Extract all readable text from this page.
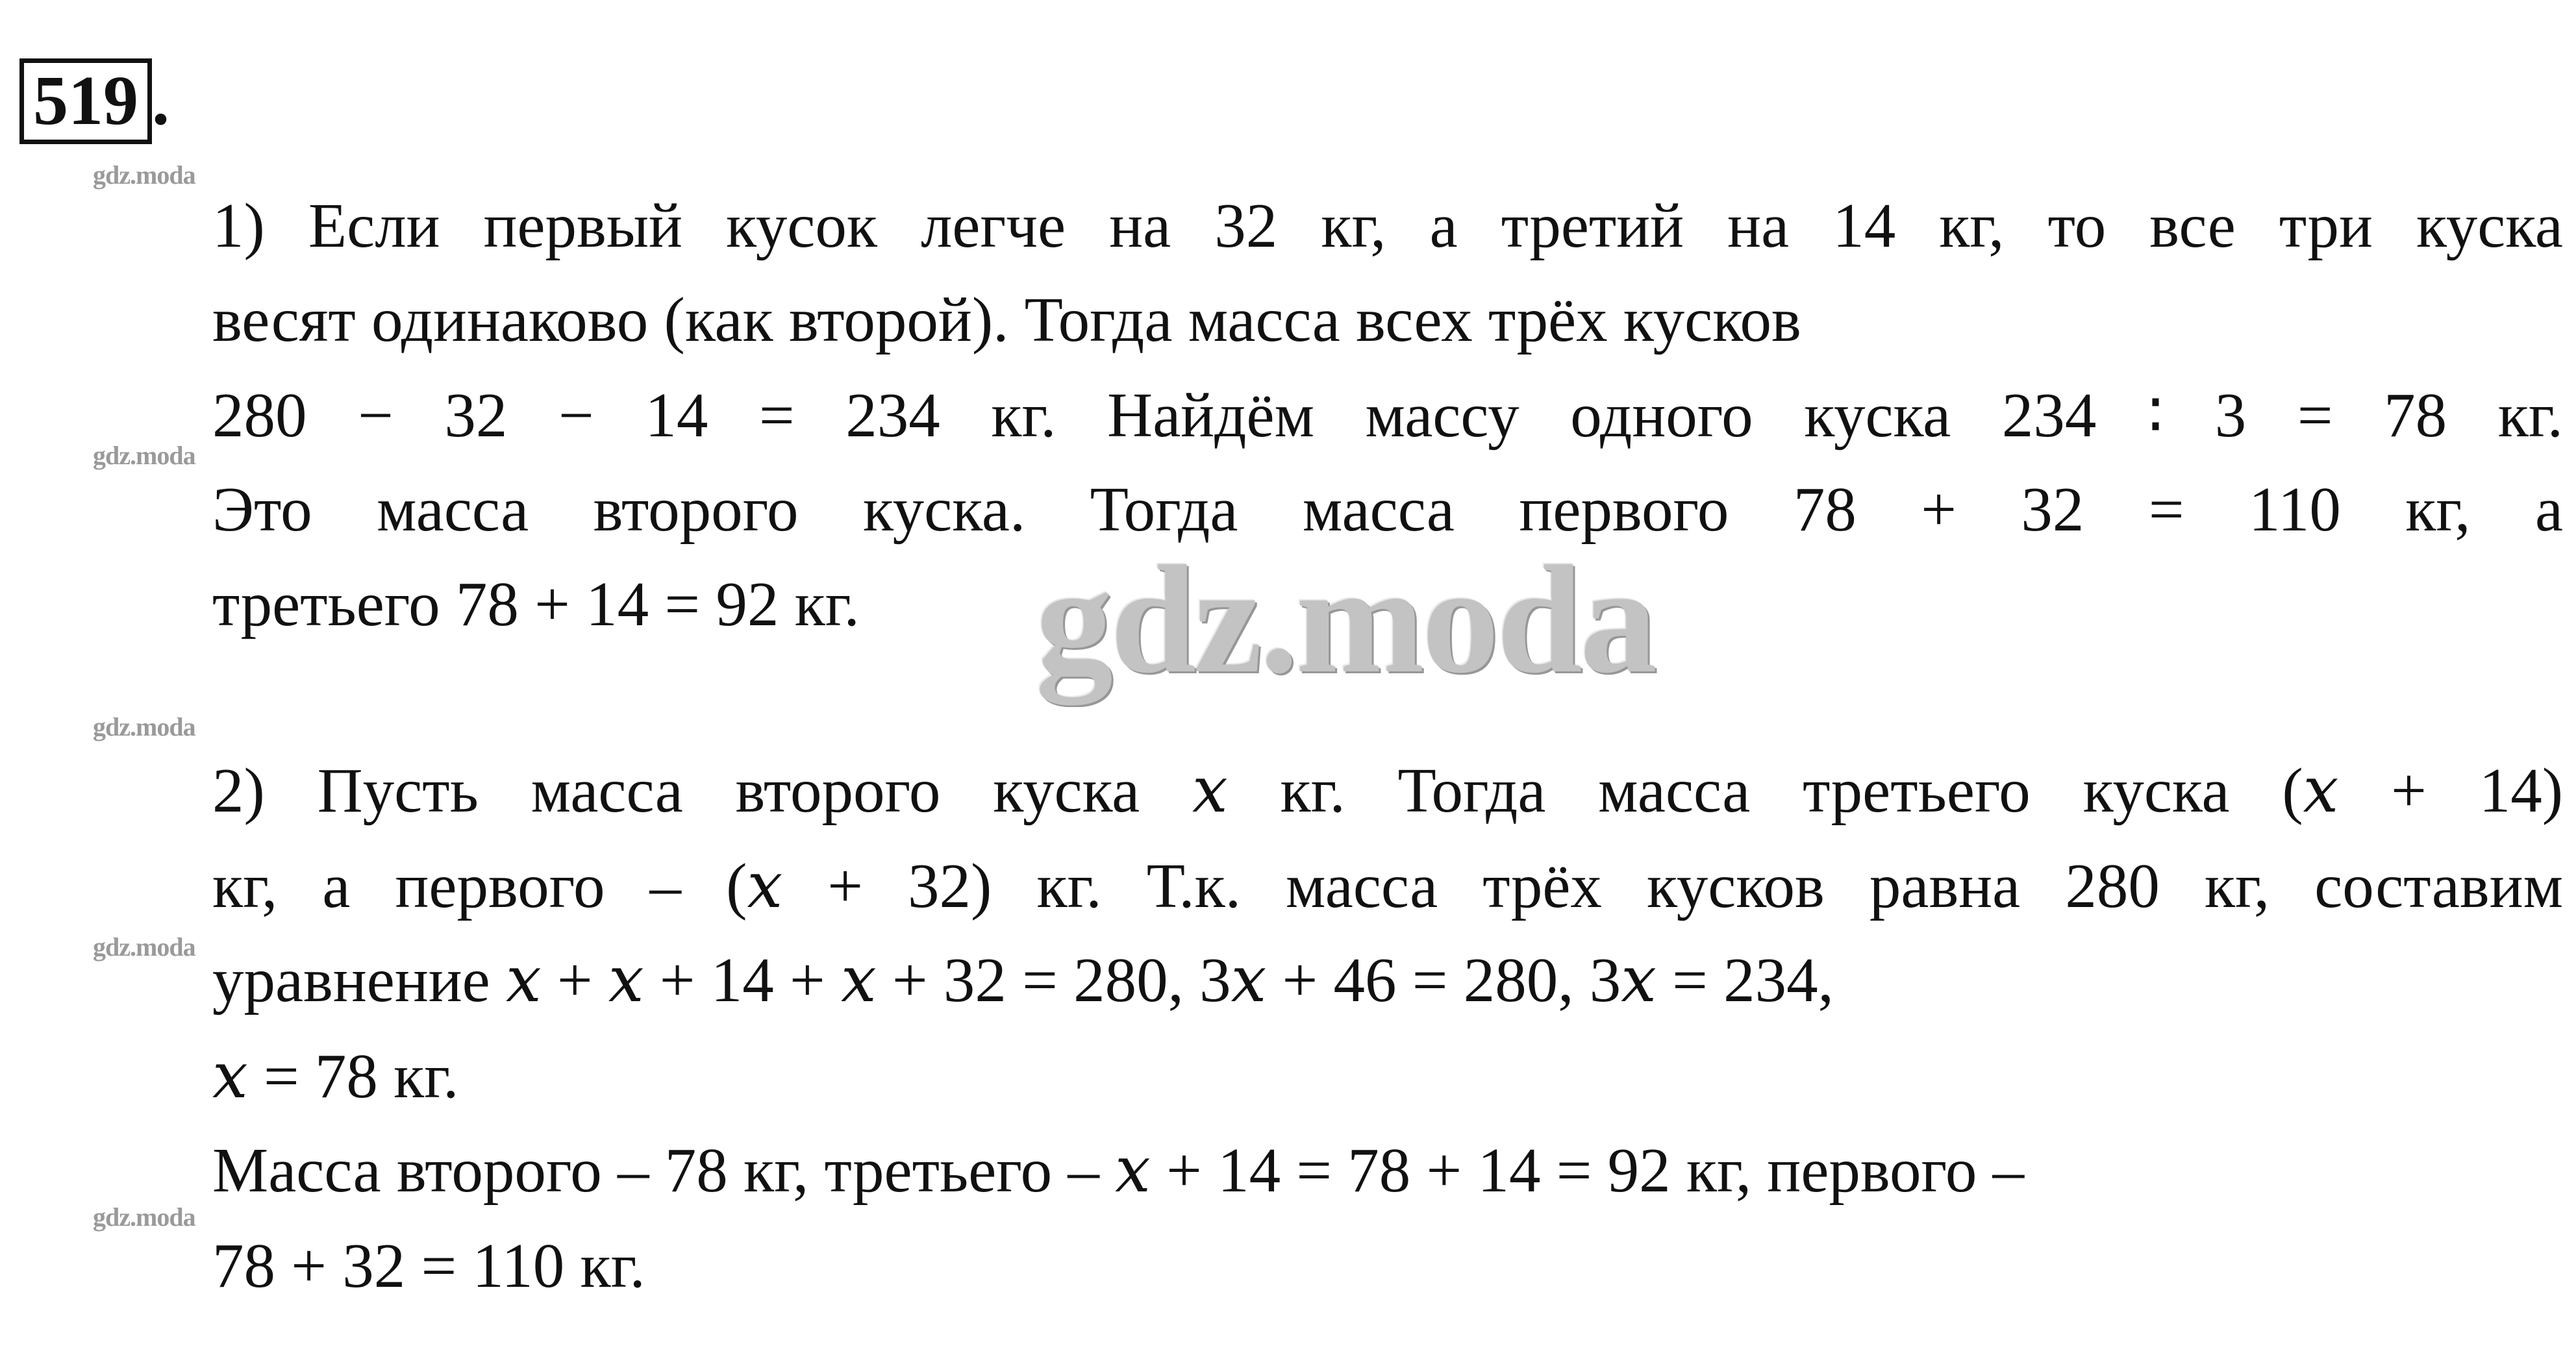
519 .
gdz.moda
gdz.moda
gdz.moda
gdz.moda
gdz.moda
1) Если первый кусок легче на 32 кг, а третий на 14 кг, то все три куска
весят одинаково (как второй). Тогда масса всех трёх кусков
280 − 32 − 14 = 234 кг. Найдём массу одного куска 234 ∶ 3 = 78 кг.
Это масса второго куска. Тогда масса первого 78 + 32 = 110 кг, а
третьего 78 + 14 = 92 кг. gdz.moda
2) Пусть масса второго куска 𝑥 кг. Тогда масса третьего куска (𝑥 + 14)
кг, а первого – (𝑥 + 32) кг. Т.к. масса трёх кусков равна 280 кг, составим
уравнение 𝑥 + 𝑥 + 14 + 𝑥 + 32 = 280, 3𝑥 + 46 = 280, 3𝑥 = 234,
𝑥 = 78 кг.
Масса второго – 78 кг, третьего – 𝑥 + 14 = 78 + 14 = 92 кг, первого –
78 + 32 = 110 кг.
